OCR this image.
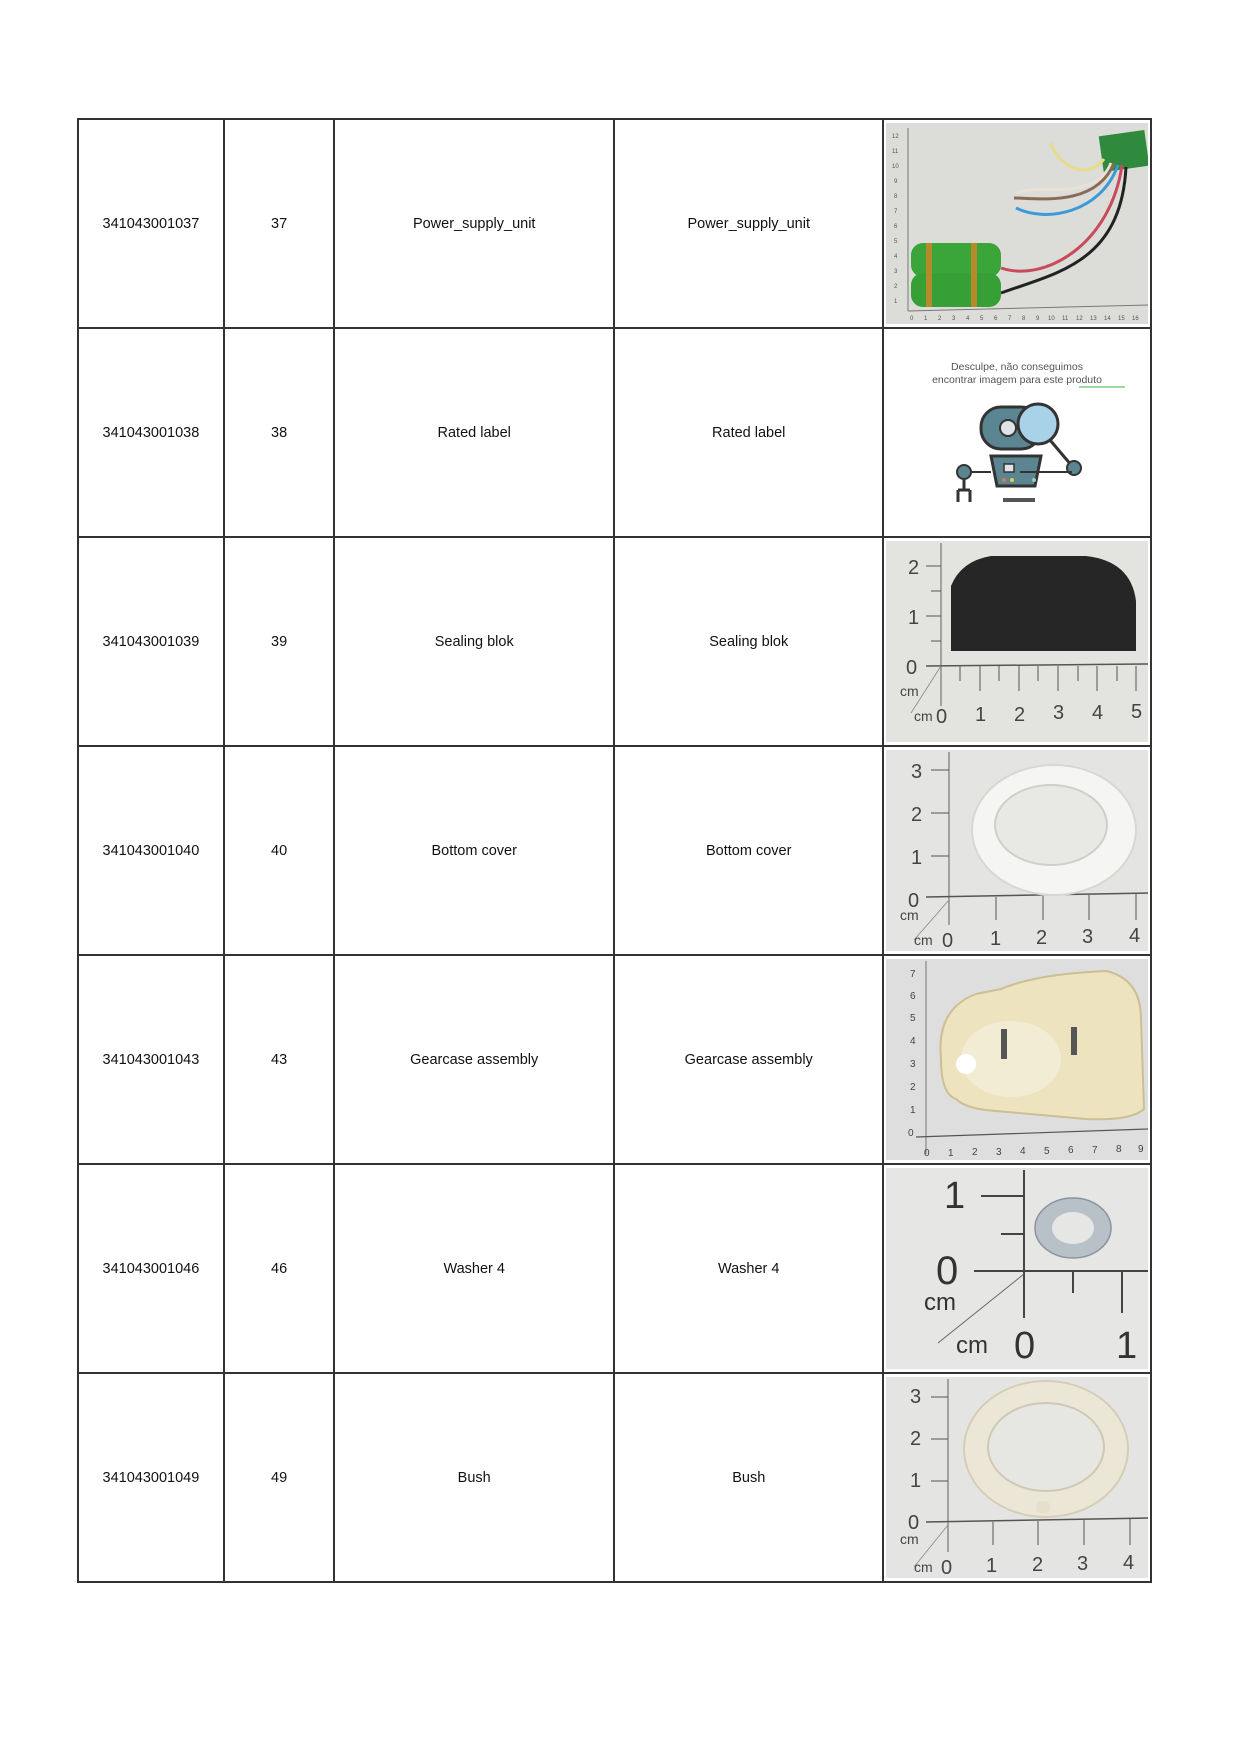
341043001037	37	Power_supply_unit	Power_supply_unit	
1
2
3
4
5
6
7
8
9
10
11
12
0 1 2 3 4 5 6 7 8 9 10 11 12 13 14 15 16

341043001038	38	Rated label	Rated label	Desculpe, não conseguimos
encontrar imagem para este produto

341043001039	39	Sealing blok	Sealing blok	
2
1
0
cm
cm 0 1 2 3 4 5

341043001040	40	Bottom cover	Bottom cover	
3
2
1
0
cm
cm 0 1 2 3 4

341043001043	43	Gearcase assembly	Gearcase assembly	
7
6
5
4
3
2
1
0
0 1 2 3 4 5 6 7 8 9

341043001046	46	Washer 4	Washer 4	
1
0
cm
cm 0 1

341043001049	49	Bush	Bush	
3
2
1
0
cm
cm 0 1 2 3 4
